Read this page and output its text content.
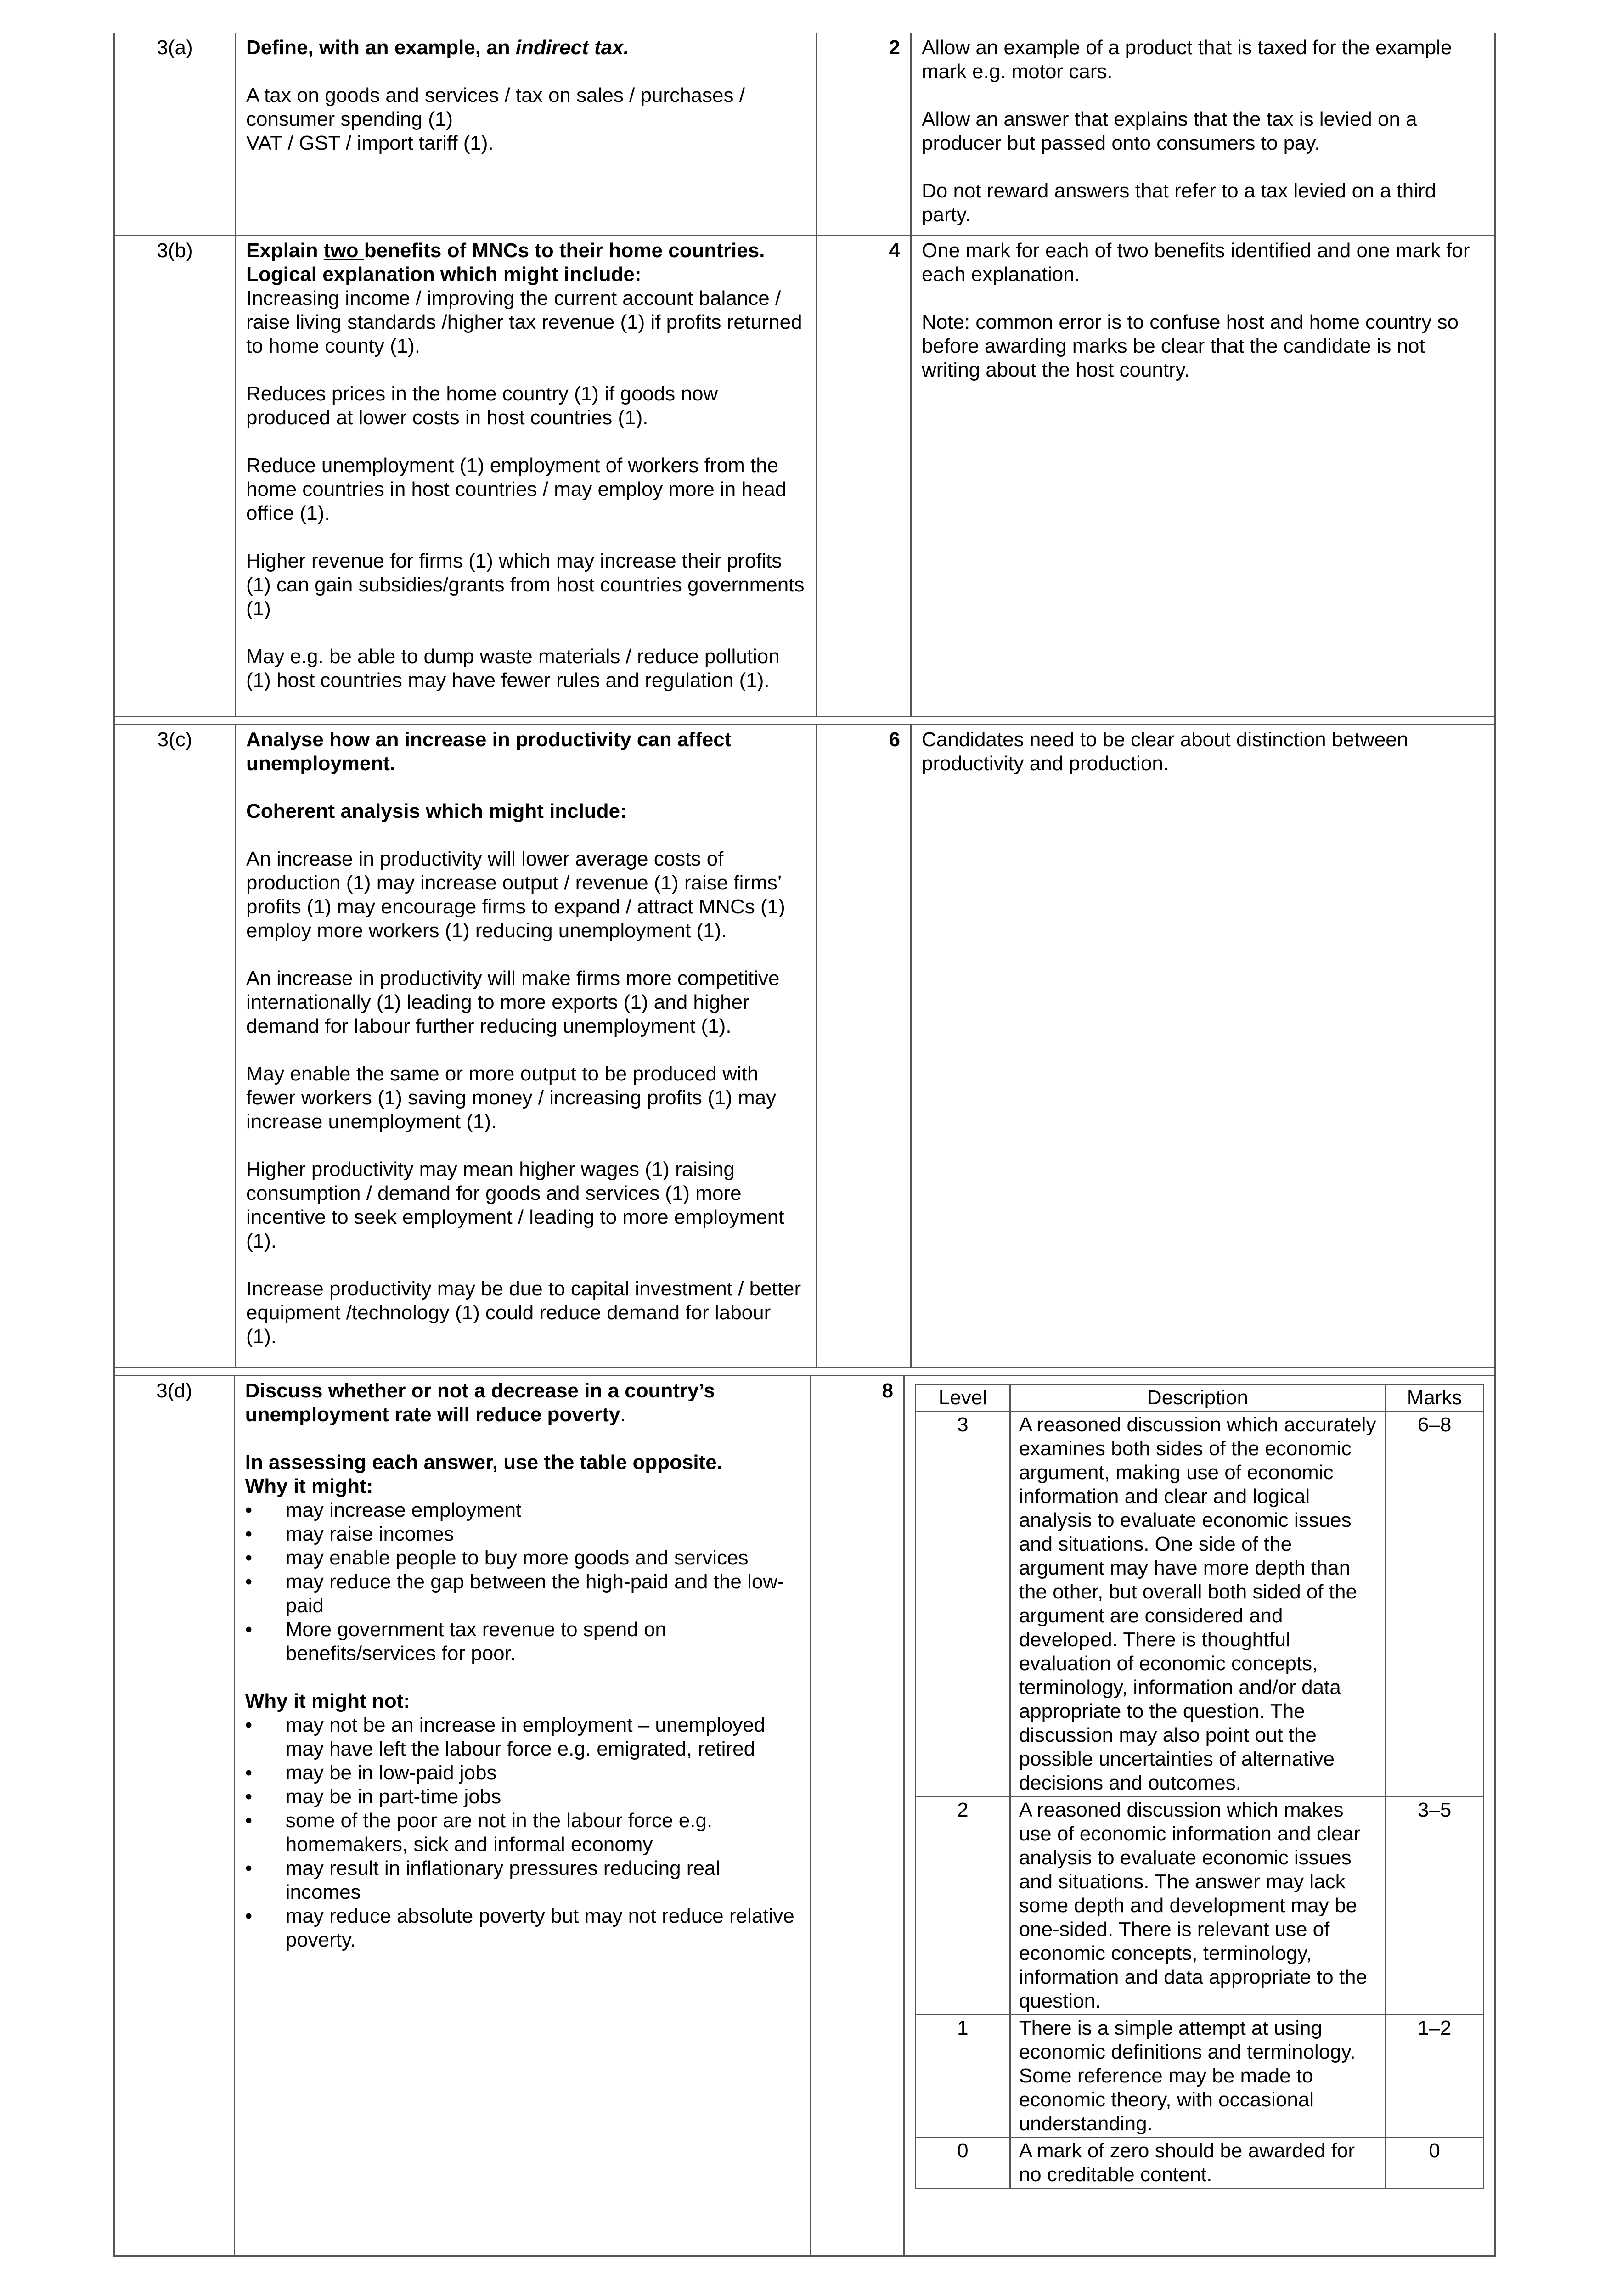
3(a)	Define, with an example, an indirect tax.

A tax on goods and services / tax on sales / purchases / consumer spending (1)
VAT / GST / import tariff (1).
2	Allow an example of a product that is taxed for the example mark e.g. motor cars.

Allow an answer that explains that the tax is levied on a producer but passed onto consumers to pay.

Do not reward answers that refer to a tax levied on a third party.

3(b)	Explain two benefits of MNCs to their home countries.
Logical explanation which might include:

Increasing income / improving the current account balance / raise living standards /higher tax revenue (1) if profits returned to home county (1).

Reduces prices in the home country (1) if goods now produced at lower costs in host countries (1).

Reduce unemployment (1) employment of workers from the home countries in host countries / may employ more in head office (1).

Higher revenue for firms (1) which may increase their profits (1) can gain subsidies/grants from host countries governments (1)

May e.g. be able to dump waste materials / reduce pollution (1) host countries may have fewer rules and regulation (1).

4	One mark for each of two benefits identified and one mark for each explanation.

Note: common error is to confuse host and home country so before awarding marks be clear that the candidate is not writing about the host country.

3(c)	Analyse how an increase in productivity can affect unemployment.

Coherent analysis which might include:

An increase in productivity will lower average costs of production (1) may increase output / revenue (1) raise firms’ profits (1) may encourage firms to expand / attract MNCs (1) employ more workers (1) reducing unemployment (1).

An increase in productivity will make firms more competitive internationally (1) leading to more exports (1) and higher demand for labour further reducing unemployment (1).

May enable the same or more output to be produced with fewer workers (1) saving money / increasing profits (1) may increase unemployment (1).

Higher productivity may mean higher wages (1) raising consumption / demand for goods and services (1) more incentive to seek employment / leading to more employment (1).

Increase productivity may be due to capital investment / better equipment /technology (1) could reduce demand for labour (1).

6	Candidates need to be clear about distinction between productivity and production.

3(d)	Discuss whether or not a decrease in a country’s unemployment rate will reduce poverty.

In assessing each answer, use the table opposite.
Why it might:
• may increase employment
• may raise incomes
• may enable people to buy more goods and services
• may reduce the gap between the high-paid and the low-paid
• More government tax revenue to spend on benefits/services for poor.
Why it might not:
• may not be an increase in employment – unemployed may have left the labour force e.g. emigrated, retired
• may be in low-paid jobs
• may be in part-time jobs
• some of the poor are not in the labour force e.g. homemakers, sick and informal economy
• may result in inflationary pressures reducing real incomes
• may reduce absolute poverty but may not reduce relative poverty.
8	Level	Description	Marks
3	A reasoned discussion which accurately examines both sides of the economic argument, making use of economic information and clear and logical analysis to evaluate economic issues and situations. One side of the argument may have more depth than the other, but overall both sided of the argument are considered and developed. There is thoughtful evaluation of economic concepts, terminology, information and/or data appropriate to the question. The discussion may also point out the possible uncertainties of alternative decisions and outcomes.	6–8
2	A reasoned discussion which makes use of economic information and clear analysis to evaluate economic issues and situations. The answer may lack some depth and development may be one-sided. There is relevant use of economic concepts, terminology, information and data appropriate to the question.	3–5
1	There is a simple attempt at using economic definitions and terminology. Some reference may be made to economic theory, with occasional understanding.	1–2
0	A mark of zero should be awarded for no creditable content.	0
